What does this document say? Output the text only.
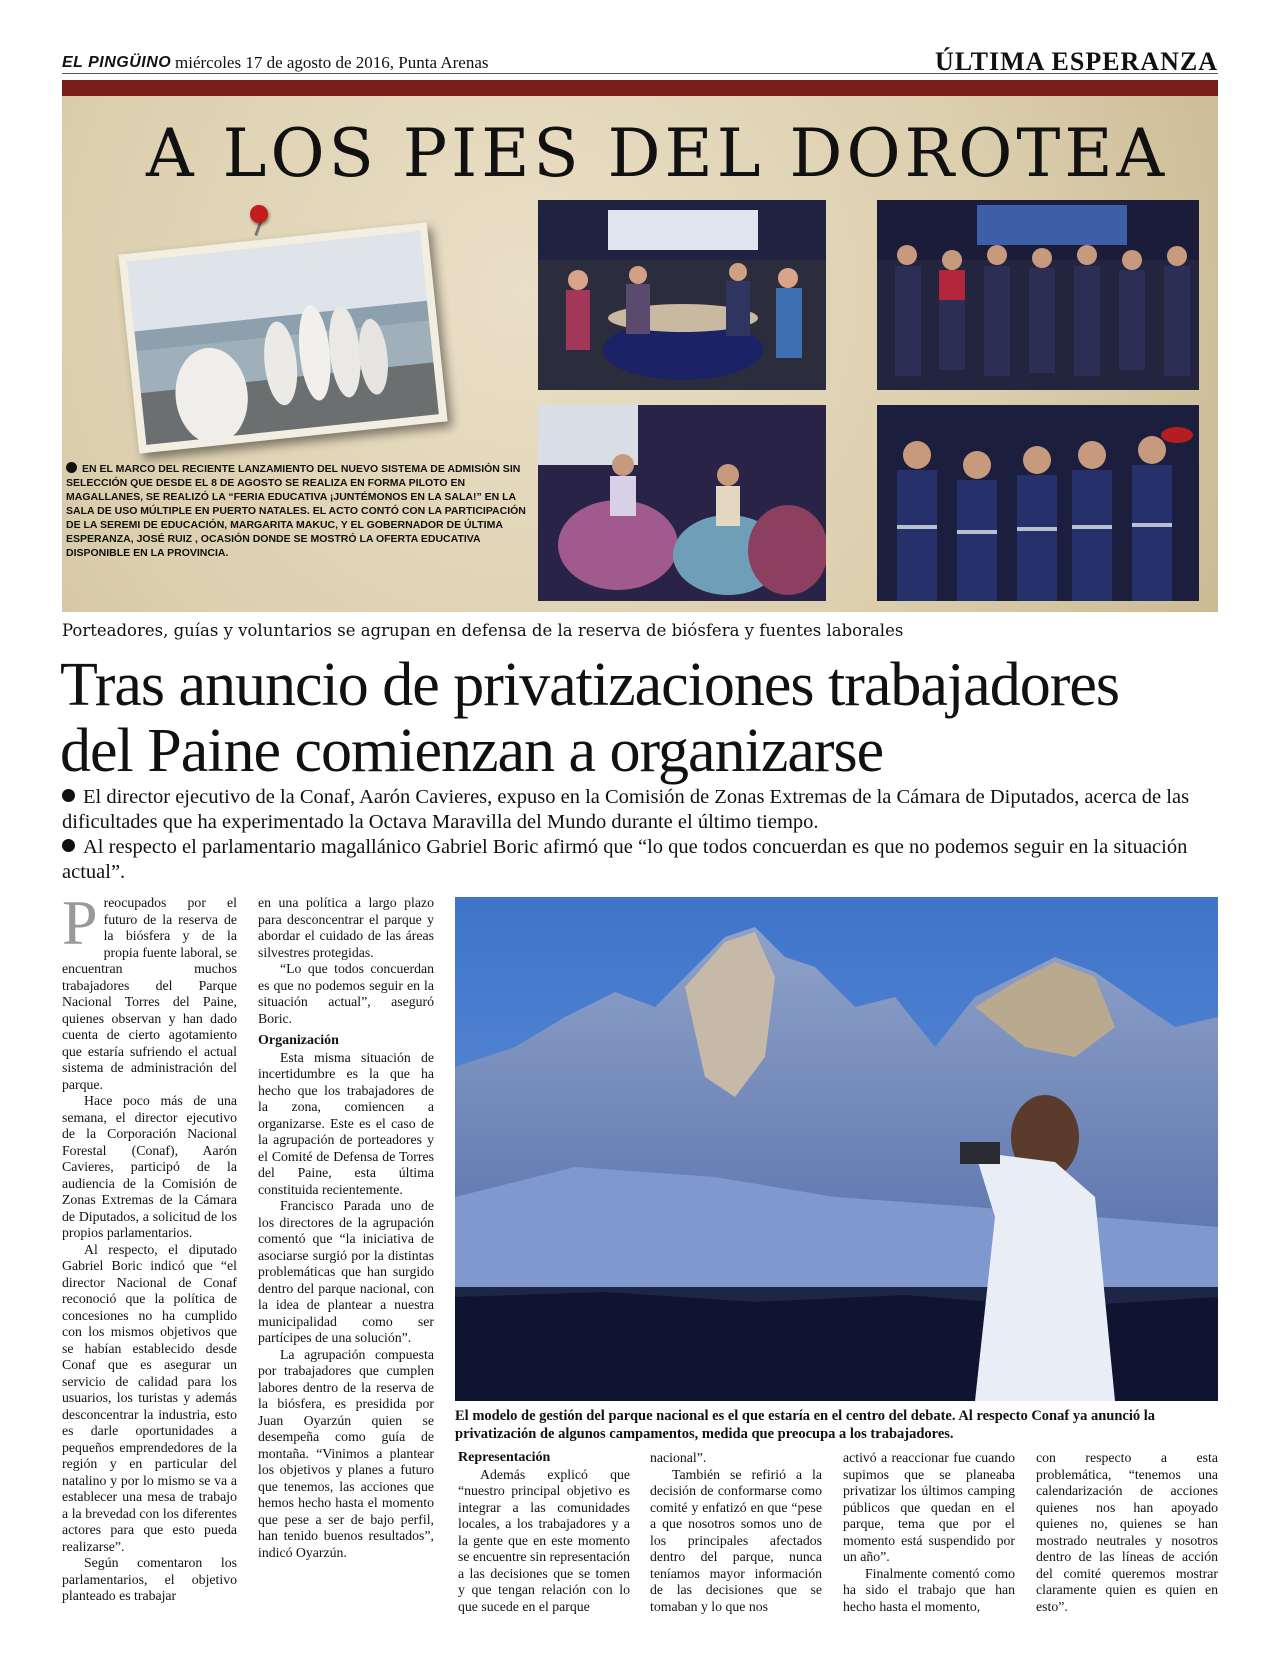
EL PINGÜINO miércoles 17 de agosto de 2016, Punta Arenas	ÚLTIMA ESPERANZA
A LOS PIES DEL DOROTEA
EN EL MARCO DEL RECIENTE LANZAMIENTO DEL NUEVO SISTEMA DE ADMISIÓN SIN SELECCIÓN QUE DESDE EL 8 DE AGOSTO SE REALIZA EN FORMA PILOTO EN MAGALLANES, SE REALIZÓ LA “FERIA EDUCATIVA ¡JUNTÉMONOS EN LA SALA!” EN LA SALA DE USO MÚLTIPLE EN PUERTO NATALES. EL ACTO CONTÓ CON LA PARTICIPACIÓN DE LA SEREMI DE EDUCACIÓN, MARGARITA MAKUC, Y EL GOBERNADOR DE ÚLTIMA ESPERANZA, JOSÉ RUIZ , OCASIÓN DONDE SE MOSTRÓ LA OFERTA EDUCATIVA DISPONIBLE EN LA PROVINCIA.
Porteadores, guías y voluntarios se agrupan en defensa de la reserva de biósfera y fuentes laborales
Tras anuncio de privatizaciones trabajadores
del Paine comienzan a organizarse
El director ejecutivo de la Conaf, Aarón Cavieres, expuso en la Comisión de Zonas Extremas de la Cámara de Diputados, acerca de las dificultades que ha experimentado la Octava Maravilla del Mundo durante el último tiempo.
Al respecto el parlamentario magallánico Gabriel Boric afirmó que “lo que todos concuerdan es que no podemos seguir en la situación actual”.
P reocupados por el futuro de la reserva de la biósfera y de la propia fuente laboral, se encuentran muchos trabajadores del Parque Nacional Torres del Paine, quienes observan y han dado cuenta de cierto agotamiento que estaría sufriendo el actual sistema de administración del parque.

Hace poco más de una semana, el director ejecutivo de la Corporación Nacional Forestal (Conaf), Aarón Cavieres, participó de la audiencia de la Comisión de Zonas Extremas de la Cámara de Diputados, a solicitud de los propios parlamentarios.

Al respecto, el diputado Gabriel Boric indicó que “el director Nacional de Conaf reconoció que la política de concesiones no ha cumplido con los mismos objetivos que se habían establecido desde Conaf que es asegurar un servicio de calidad para los usuarios, los turistas y además desconcentrar la industria, esto es darle oportunidades a pequeños emprendedores de la región y en particular del natalino y por lo mismo se va a establecer una mesa de trabajo a la brevedad con los diferentes actores para que esto pueda realizarse”.

Según comentaron los parlamentarios, el objetivo planteado es trabajar

en una política a largo plazo para desconcentrar el parque y abordar el cuidado de las áreas silvestres protegidas.

“Lo que todos concuerdan es que no podemos seguir en la situación actual”, aseguró Boric.

Organización

Esta misma situación de incertidumbre es la que ha hecho que los trabajadores de la zona, comiencen a organizarse. Este es el caso de la agrupación de porteadores y el Comité de Defensa de Torres del Paine, esta última constituida recientemente.

Francisco Parada uno de los directores de la agrupación comentó que “la iniciativa de asociarse surgió por la distintas problemáticas que han surgido dentro del parque nacional, con la idea de plantear a nuestra municipalidad como ser partícipes de una solución”.

La agrupación compuesta por trabajadores que cumplen labores dentro de la reserva de la biósfera, es presidida por Juan Oyarzún quien se desempeña como guía de montaña. “Vinimos a plantear los objetivos y planes a futuro que tenemos, las acciones que hemos hecho hasta el momento que pese a ser de bajo perfil, han tenido buenos resultados”, indicó Oyarzún.

El modelo de gestión del parque nacional es el que estaría en el centro del debate. Al respecto Conaf ya anunció la privatización de algunos campamentos, medida que preocupa a los trabajadores.

Representación

Además explicó que “nuestro principal objetivo es integrar a las comunidades locales, a los trabajadores y a la gente que en este momento se encuentre sin representación a las decisiones que se tomen y que tengan relación con lo que sucede en el parque

nacional”.

También se refirió a la decisión de conformarse como comité y enfatizó en que “pese a que nosotros somos uno de los principales afectados dentro del parque, nunca teníamos mayor información de las decisiones que se tomaban y lo que nos

activó a reaccionar fue cuando supimos que se planeaba privatizar los últimos camping públicos que quedan en el parque, tema que por el momento está suspendido por un año”.

Finalmente comentó como ha sido el trabajo que han hecho hasta el momento,

con respecto a esta problemática, “tenemos una calendarización de acciones quienes nos han apoyado quienes no, quienes se han mostrado neutrales y nosotros dentro de las líneas de acción del comité queremos mostrar claramente quien es quien en esto”.
